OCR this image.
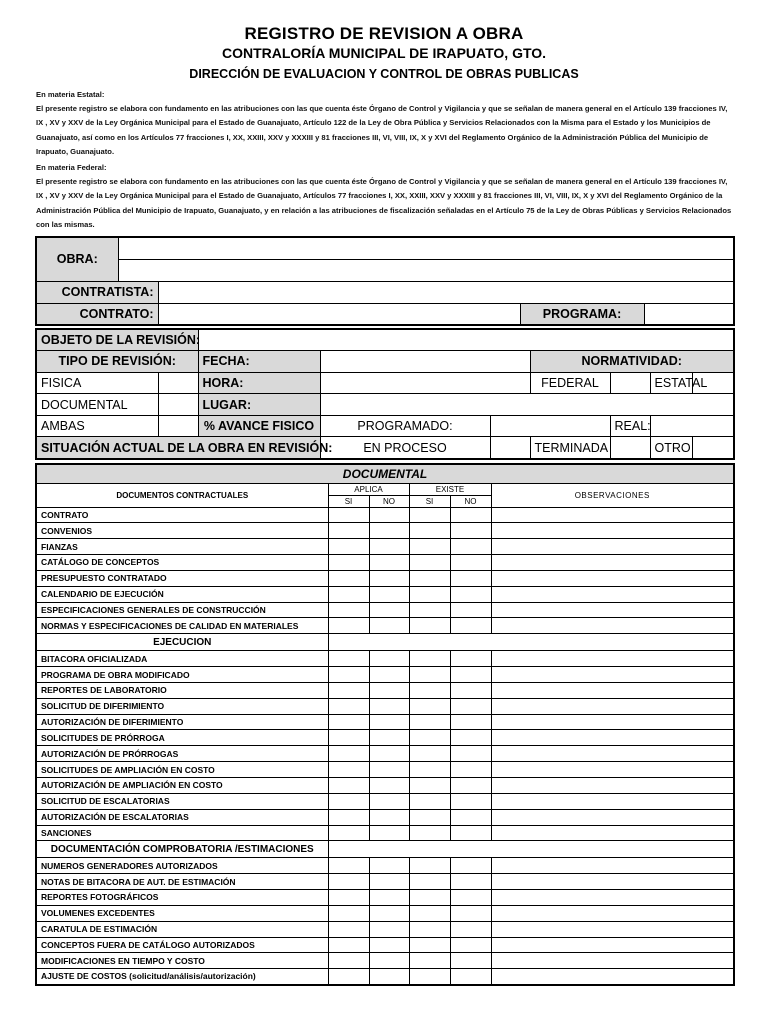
REGISTRO DE REVISION A OBRA
CONTRALORÍA MUNICIPAL DE IRAPUATO, GTO.
DIRECCIÓN DE EVALUACION Y CONTROL DE OBRAS PUBLICAS

En materia Estatal:

El presente registro se elabora con fundamento en las atribuciones con las que cuenta éste Órgano de Control y Vigilancia y que se señalan de manera general en el Artículo 139 fracciones IV, IX , XV y XXV de la Ley Orgánica Municipal para el Estado de Guanajuato, Artículo 122 de la Ley de Obra Pública y Servicios Relacionados con la Misma para el Estado y los Municipios de Guanajuato, así como en los Artículos 77 fracciones I, XX, XXIII, XXV y XXXIII y 81 fracciones III, VI, VIII, IX, X y XVI del Reglamento Orgánico de la Administración Pública del Municipio de Irapuato, Guanajuato.

En materia Federal:

El presente registro se elabora con fundamento en las atribuciones con las que cuenta éste Órgano de Control y Vigilancia y que se señalan de manera general en el Artículo 139 fracciones IV, IX , XV y XXV de la Ley Orgánica Municipal para el Estado de Guanajuato, Artículos 77 fracciones I, XX, XXIII, XXV y XXXIII y 81 fracciones III, VI, VIII, IX, X y XVI del Reglamento Orgánico de la Administración Pública del Municipio de Irapuato, Guanajuato, y en relación a las atribuciones de fiscalización señaladas en el Artículo 75 de la Ley de Obras Públicas y Servicios Relacionados con las mismas.

OBRA:				

CONTRATISTA:				
CONTRATO:			PROGRAMA:	
OBJETO DE LA REVISIÓN:								
TIPO DE REVISIÓN:		FECHA:			NORMATIVIDAD:			
FISICA		HORA:			FEDERAL		ESTATAL	
DOCUMENTAL		LUGAR:						
AMBAS		% AVANCE FISICO	PROGRAMADO:			REAL:		
SITUACIÓN ACTUAL DE LA OBRA EN REVISIÓN:			EN PROCESO		TERMINADA		OTRO	
DOCUMENTAL					
DOCUMENTOS CONTRACTUALES	APLICA		EXISTE		OBSERVACIONES
	SI	NO	SI	NO	
CONTRATO					
CONVENIOS					
FIANZAS					
CATÁLOGO DE CONCEPTOS					
PRESUPUESTO CONTRATADO					
CALENDARIO DE EJECUCIÓN					
ESPECIFICACIONES GENERALES DE CONSTRUCCIÓN					
NORMAS Y ESPECIFICACIONES DE CALIDAD EN MATERIALES					
EJECUCION					
BITACORA OFICIALIZADA					
PROGRAMA DE OBRA MODIFICADO					
REPORTES DE LABORATORIO					
SOLICITUD DE DIFERIMIENTO					
AUTORIZACIÓN DE DIFERIMIENTO					
SOLICITUDES DE PRÓRROGA					
AUTORIZACIÓN DE PRÓRROGAS					
SOLICITUDES DE AMPLIACIÓN EN COSTO					
AUTORIZACIÓN DE AMPLIACIÓN EN COSTO					
SOLICITUD DE ESCALATORIAS					
AUTORIZACIÓN DE ESCALATORIAS					
SANCIONES					
DOCUMENTACIÓN COMPROBATORIA /ESTIMACIONES					
NUMEROS GENERADORES AUTORIZADOS					
NOTAS DE BITACORA DE AUT. DE ESTIMACIÓN					
REPORTES FOTOGRÁFICOS					
VOLUMENES EXCEDENTES					
CARATULA DE ESTIMACIÓN					
CONCEPTOS FUERA DE CATÁLOGO AUTORIZADOS					
MODIFICACIONES EN TIEMPO Y COSTO					
AJUSTE DE COSTOS (solicitud/análisis/autorización)					
